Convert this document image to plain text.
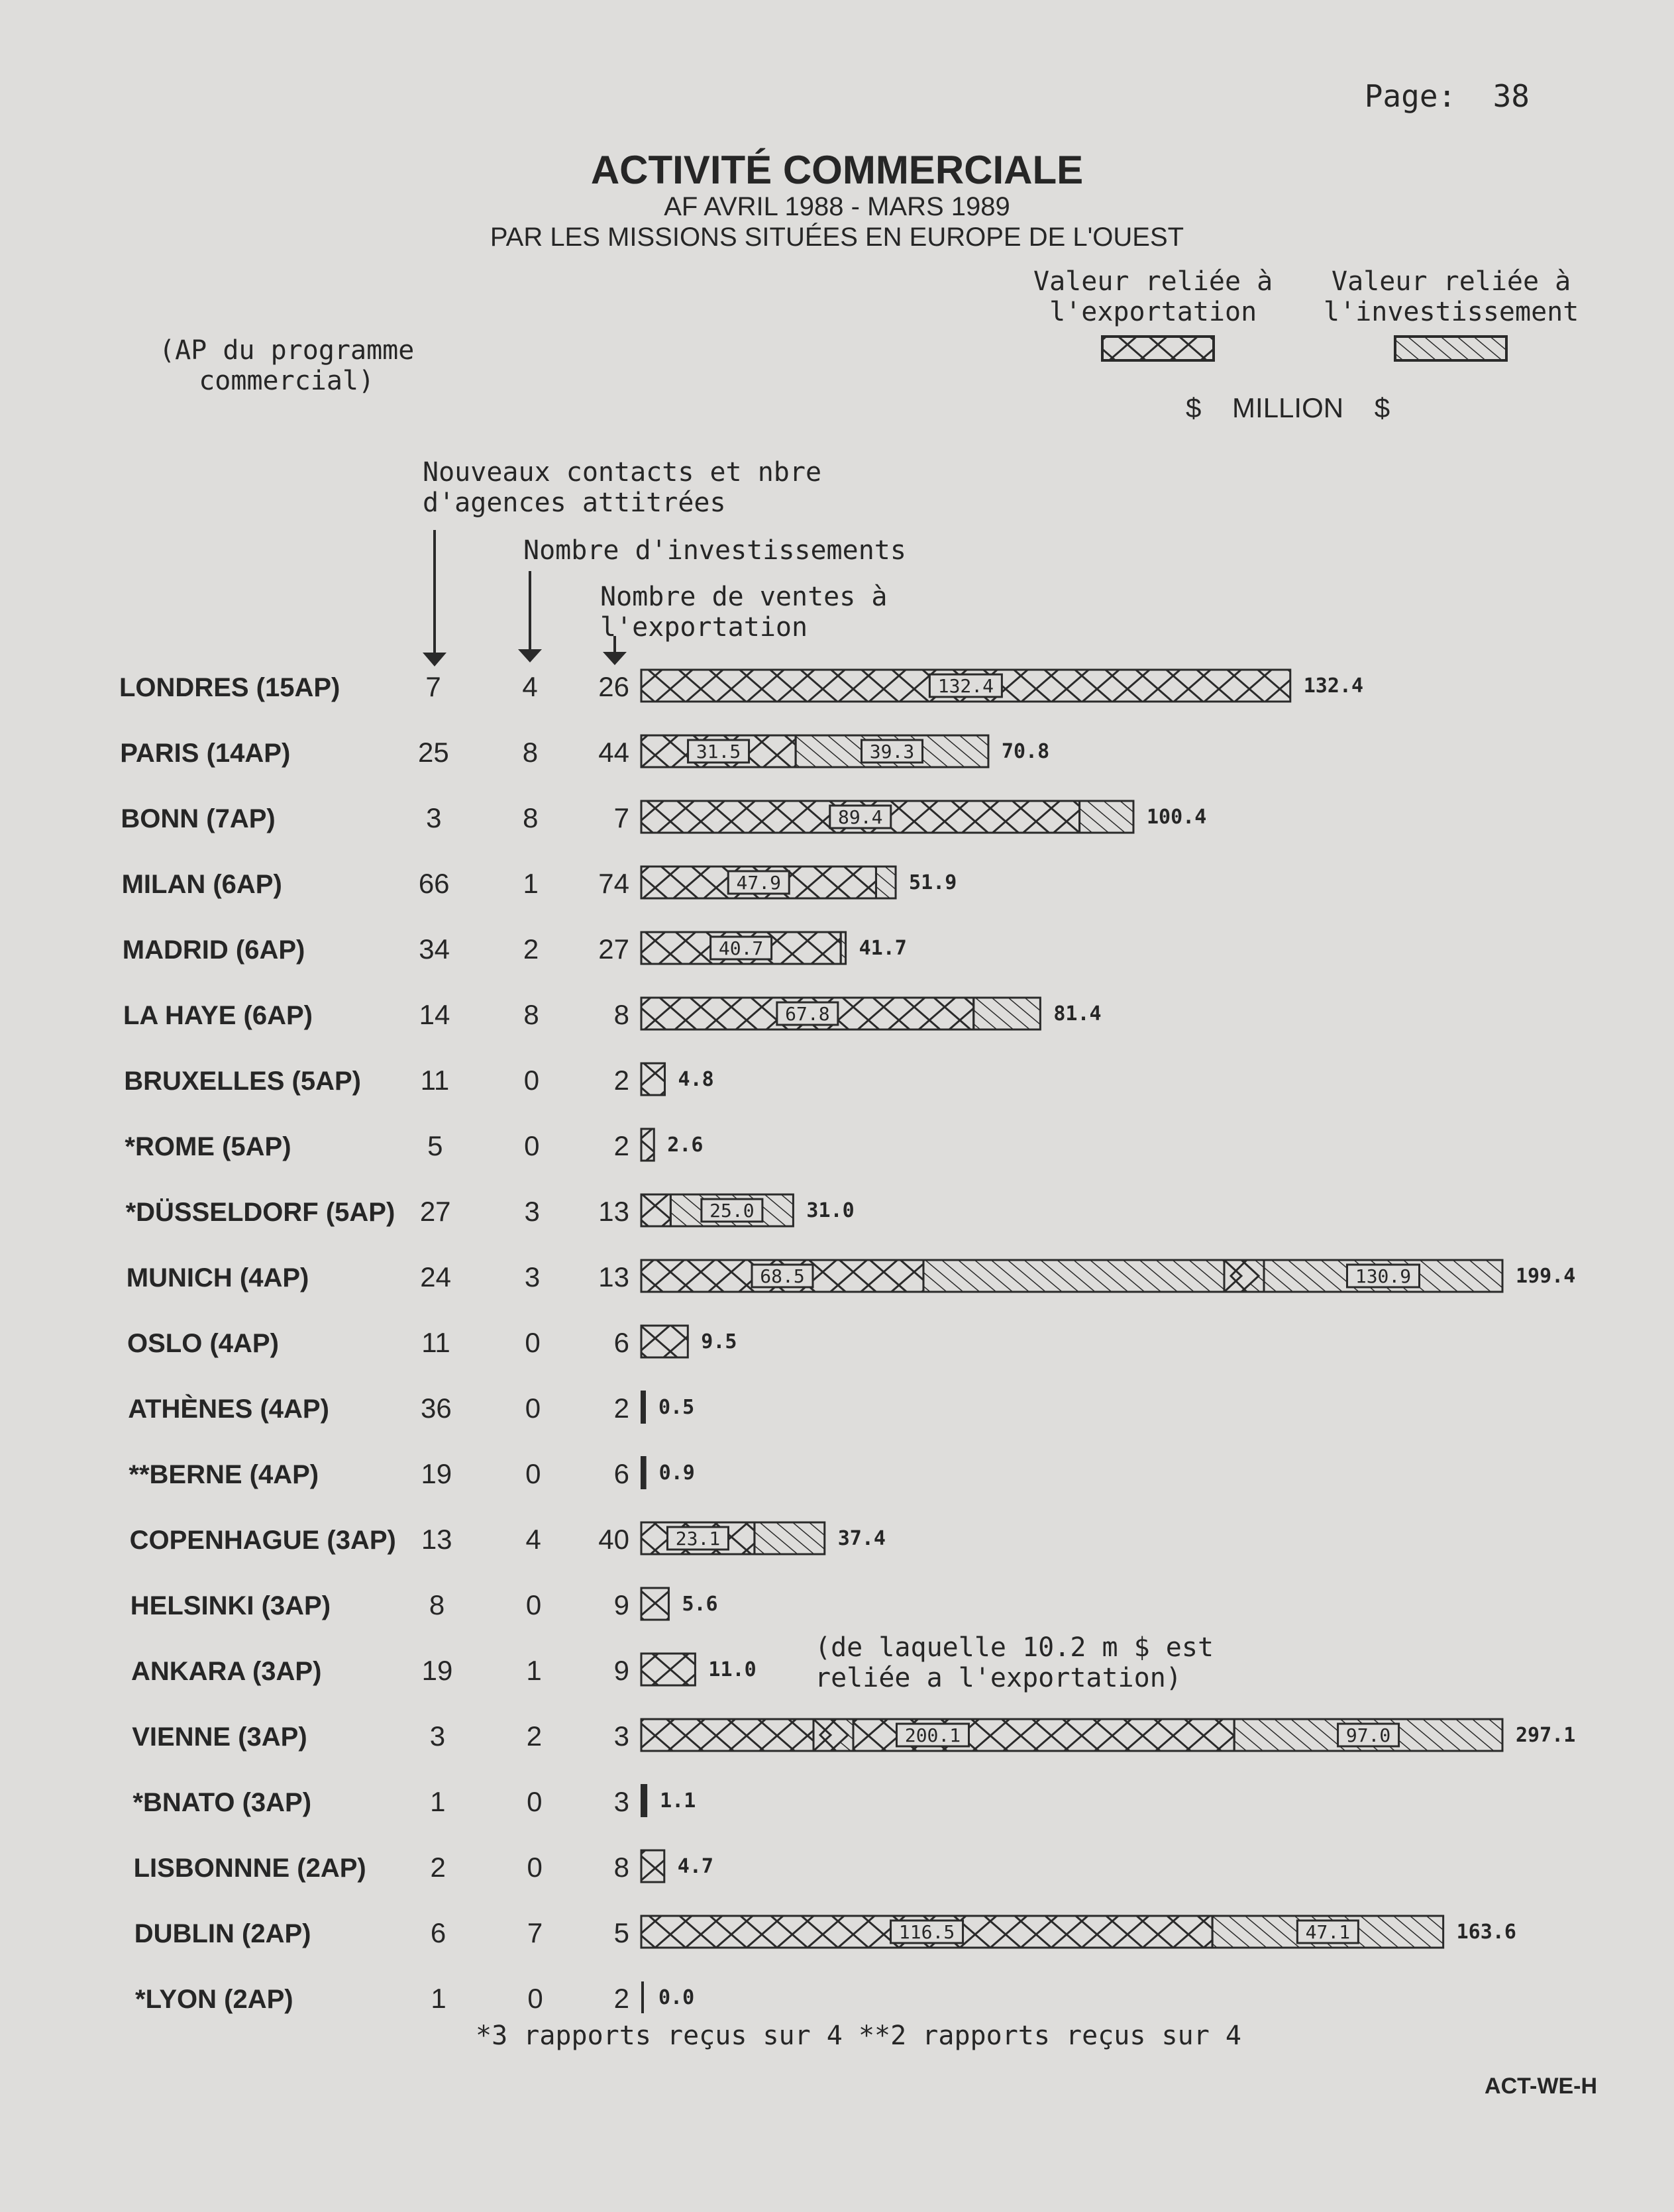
Page: 38
ACTIVITÉ COMMERCIALE
AF AVRIL 1988 - MARS 1989
PAR LES MISSIONS SITUÉES EN EUROPE DE L'OUEST
Valeur reliée à
l'exportation
Valeur reliée à
l'investissement
$    MILLION    $
(AP du programme
commercial)
Nouveaux contacts et nbre
d'agences attitrées
Nombre d'investissements
Nombre de ventes à
l'exportation
LONDRES (15AP)	7	4 26	132.4	132.4
PARIS (14AP)	25	8 44	31.5	39.3	70.8
BONN (7AP)	3	8	7	89.4	100.4
MILAN (6AP)	66	1 74	47.9	51.9
MADRID (6AP)	34	2 27	40.7	41.7
LA HAYE (6AP)	14	8	8	67.8	81.4
BRUXELLES (5AP) 11	0	2 4.8
*ROME (5AP)	5	0	2 2.6
*DÜSSELDORF (5AP) 27	3 13	25.0	31.0
MUNICH (4AP)	24	3 13	68.5	130.9	199.4
OSLO (4AP)	11	0	6	9.5
ATHÈNES (4AP)	36	0	2 0.5
**BERNE (4AP)	19	0	6 0.9
COPENHAGUE (3AP) 13	4 40 23.1	37.4
HELSINKI (3AP)	8	0	9	5.6
ANKARA (3AP)	19	1	9	11.0
VIENNE (3AP)	3	2	3	200.1	97.0	297.1
*BNATO (3AP)	1	0	3 1.1
LISBONNNE (2AP) 2	0	8 4.7
DUBLIN (2AP)	6	7	5	116.5	47.1	163.6
*LYON (2AP)	1	0	2 0.0
(de laquelle 10.2 m $ est
reliée a l'exportation)
*3 rapports reçus sur 4 **2 rapports reçus sur 4
ACT-WE-H
